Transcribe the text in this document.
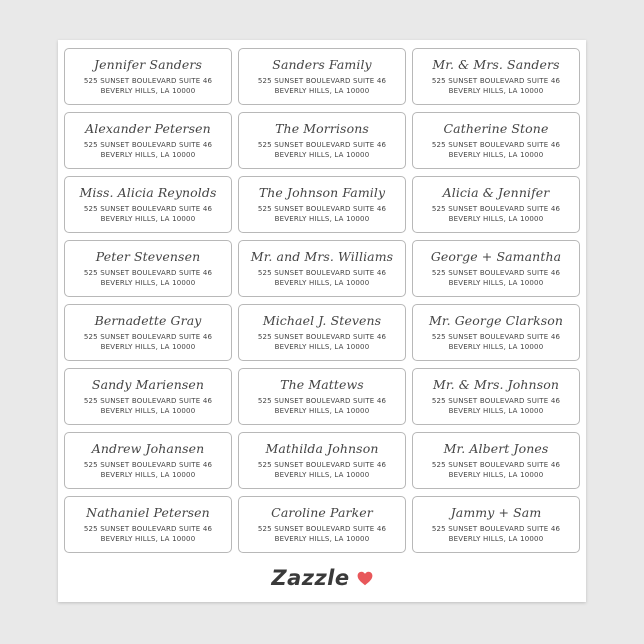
Jennifer Sanders
525 SUNSET BOULEVARD SUITE 46
BEVERLY HILLS, LA 10000
Sanders Family
525 SUNSET BOULEVARD SUITE 46
BEVERLY HILLS, LA 10000
Mr. & Mrs. Sanders
525 SUNSET BOULEVARD SUITE 46
BEVERLY HILLS, LA 10000
Alexander Petersen
525 SUNSET BOULEVARD SUITE 46
BEVERLY HILLS, LA 10000
The Morrisons
525 SUNSET BOULEVARD SUITE 46
BEVERLY HILLS, LA 10000
Catherine Stone
525 SUNSET BOULEVARD SUITE 46
BEVERLY HILLS, LA 10000
Miss. Alicia Reynolds
525 SUNSET BOULEVARD SUITE 46
BEVERLY HILLS, LA 10000
The Johnson Family
525 SUNSET BOULEVARD SUITE 46
BEVERLY HILLS, LA 10000
Alicia & Jennifer
525 SUNSET BOULEVARD SUITE 46
BEVERLY HILLS, LA 10000
Peter Stevensen
525 SUNSET BOULEVARD SUITE 46
BEVERLY HILLS, LA 10000
Mr. and Mrs. Williams
525 SUNSET BOULEVARD SUITE 46
BEVERLY HILLS, LA 10000
George + Samantha
525 SUNSET BOULEVARD SUITE 46
BEVERLY HILLS, LA 10000
Bernadette Gray
525 SUNSET BOULEVARD SUITE 46
BEVERLY HILLS, LA 10000
Michael J. Stevens
525 SUNSET BOULEVARD SUITE 46
BEVERLY HILLS, LA 10000
Mr. George Clarkson
525 SUNSET BOULEVARD SUITE 46
BEVERLY HILLS, LA 10000
Sandy Mariensen
525 SUNSET BOULEVARD SUITE 46
BEVERLY HILLS, LA 10000
The Mattews
525 SUNSET BOULEVARD SUITE 46
BEVERLY HILLS, LA 10000
Mr. & Mrs. Johnson
525 SUNSET BOULEVARD SUITE 46
BEVERLY HILLS, LA 10000
Andrew Johansen
525 SUNSET BOULEVARD SUITE 46
BEVERLY HILLS, LA 10000
Mathilda Johnson
525 SUNSET BOULEVARD SUITE 46
BEVERLY HILLS, LA 10000
Mr. Albert Jones
525 SUNSET BOULEVARD SUITE 46
BEVERLY HILLS, LA 10000
Nathaniel Petersen
525 SUNSET BOULEVARD SUITE 46
BEVERLY HILLS, LA 10000
Caroline Parker
525 SUNSET BOULEVARD SUITE 46
BEVERLY HILLS, LA 10000
Jammy + Sam
525 SUNSET BOULEVARD SUITE 46
BEVERLY HILLS, LA 10000
Zazzle
